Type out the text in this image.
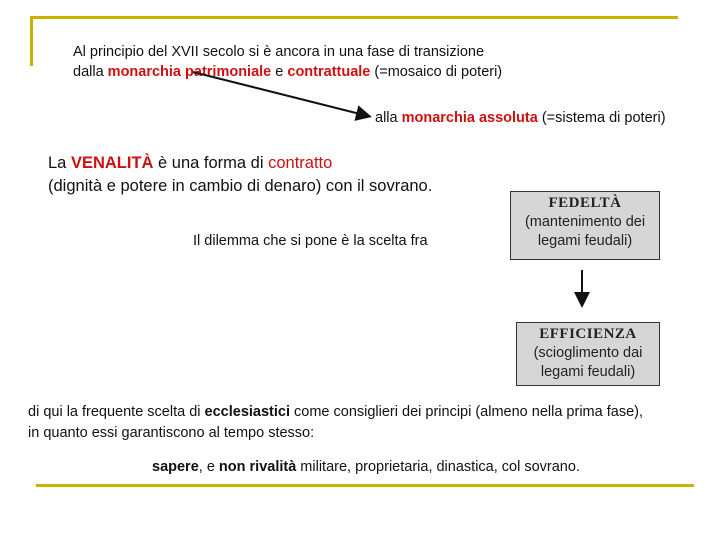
Al principio del XVII secolo si è ancora in una fase di transizione
dalla monarchia patrimoniale e contrattuale (=mosaico di poteri)
alla monarchia assoluta (=sistema di poteri)
La VENALITÀ è una forma di contratto
(dignità e potere in cambio di denaro) con il sovrano.
Il dilemma che si pone è la scelta fra
FEDELTÀ
(mantenimento dei
legami feudali)
EFFICIENZA
(scioglimento dai
legami feudali)
di qui la frequente scelta di ecclesiastici come consiglieri dei principi (almeno nella prima fase),
in quanto essi garantiscono al tempo stesso:
sapere, e non rivalità militare, proprietaria, dinastica, col sovrano.
